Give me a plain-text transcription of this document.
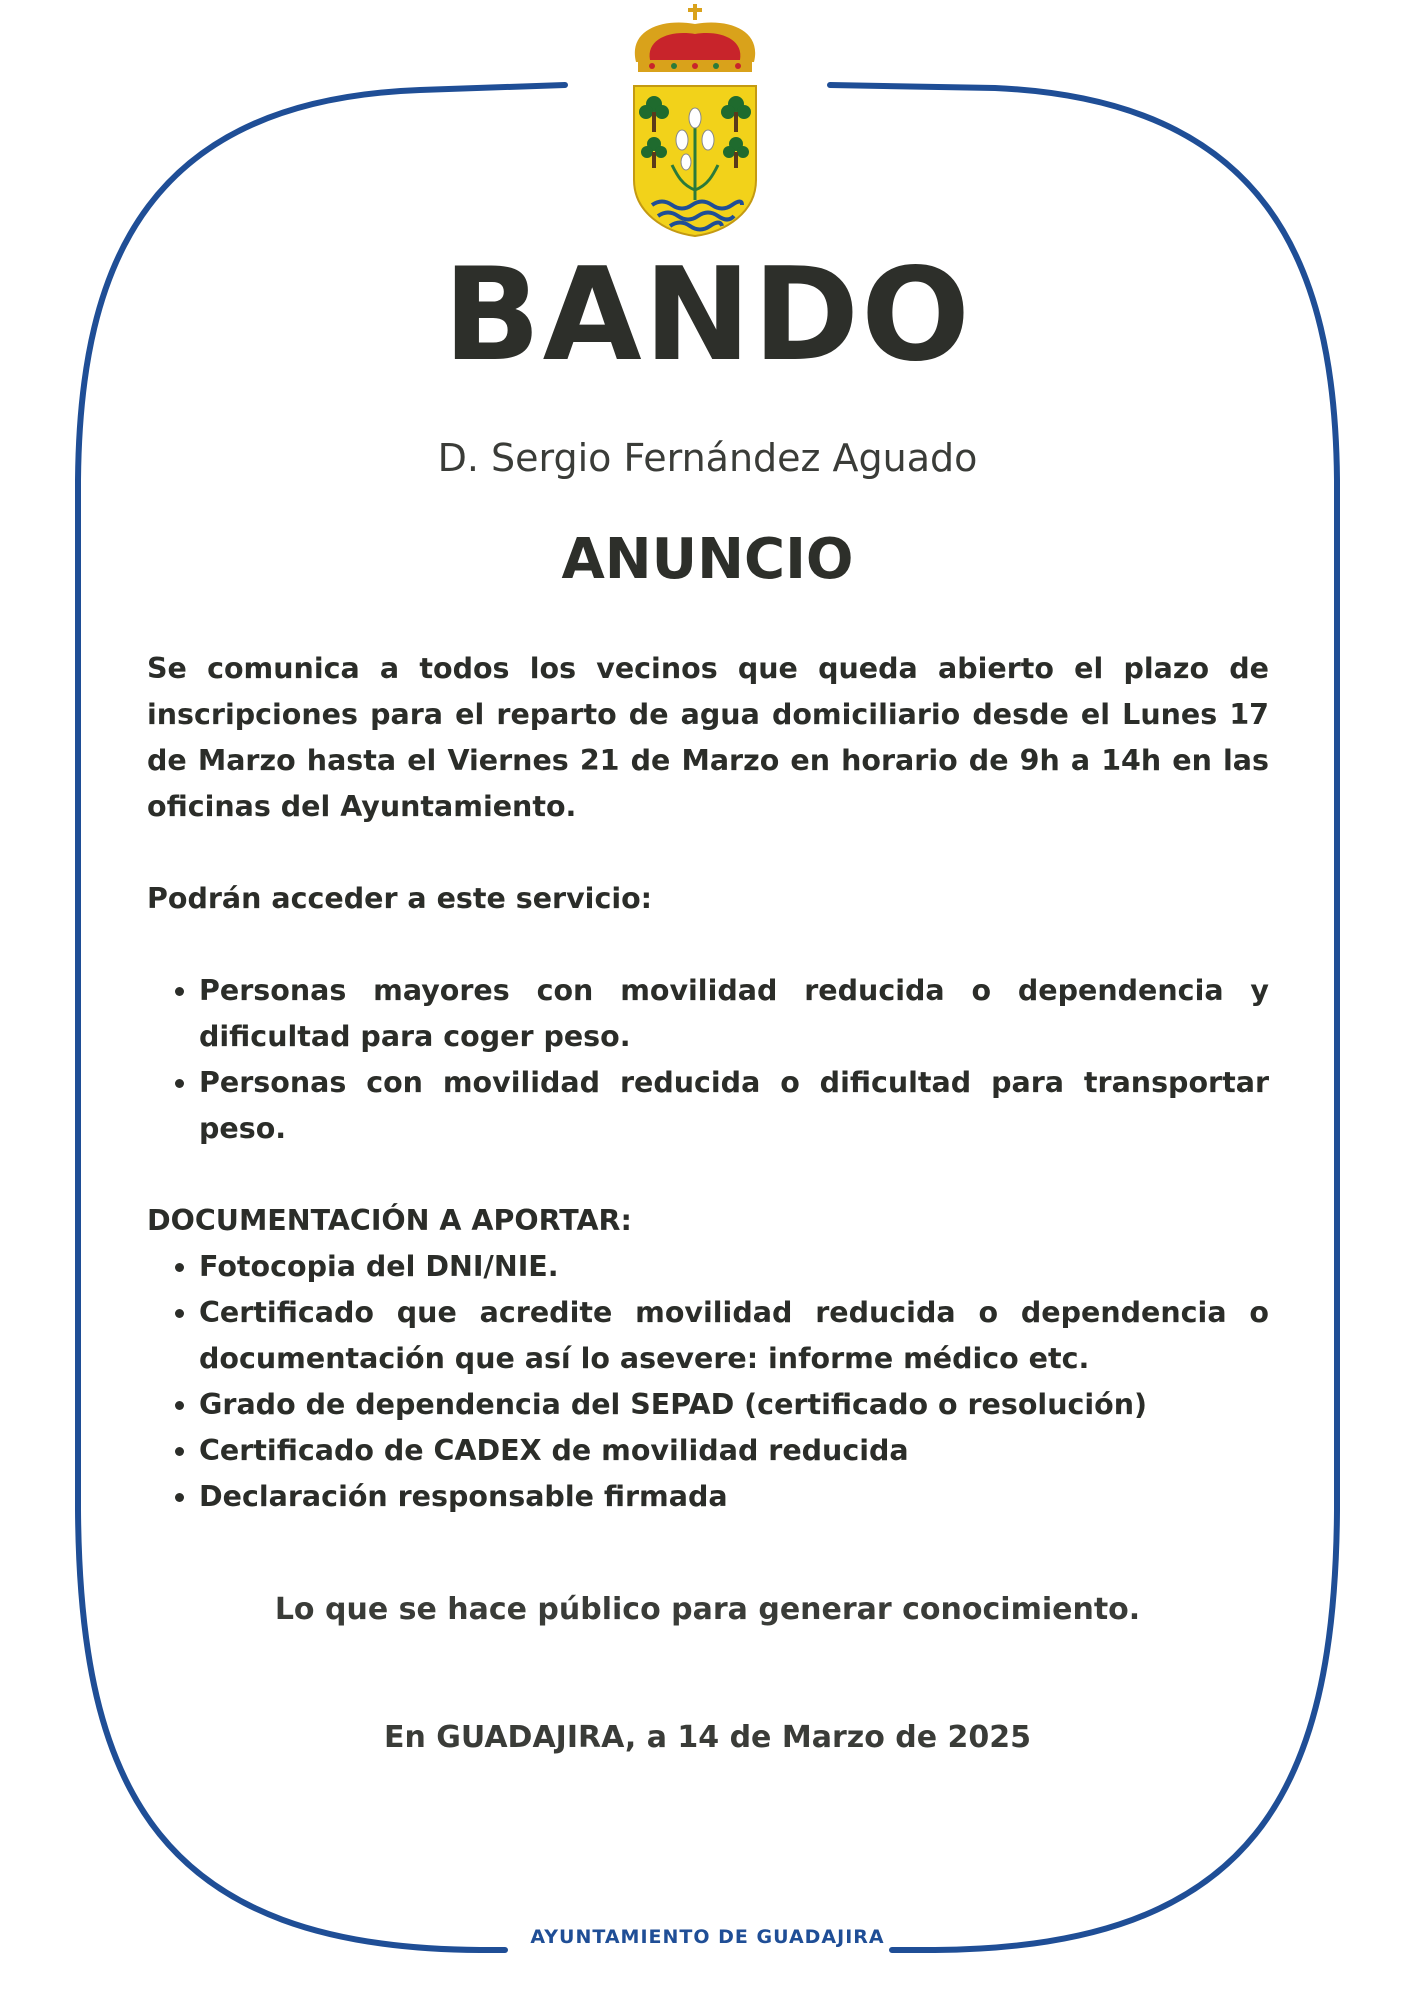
BANDO
D. Sergio Fernández Aguado
ANUNCIO

Se comunica a todos los vecinos que queda abierto el plazo de inscripciones para el reparto de agua domiciliario desde el Lunes 17 de Marzo hasta el Viernes 21 de Marzo en horario de 9h a 14h en las oficinas del Ayuntamiento.

Podrán acceder a este servicio:

• Personas mayores con movilidad reducida o dependencia y dificultad para coger peso.
• Personas con movilidad reducida o dificultad para transportar peso.

DOCUMENTACIÓN A APORTAR:

• Fotocopia del DNI/NIE.
• Certificado que acredite movilidad reducida o dependencia o documentación que así lo asevere: informe médico etc.
• Grado de dependencia del SEPAD (certificado o resolución)
• Certificado de CADEX de movilidad reducida
• Declaración responsable firmada
Lo que se hace público para generar conocimiento.
En GUADAJIRA, a 14 de Marzo de 2025
AYUNTAMIENTO DE GUADAJIRA
